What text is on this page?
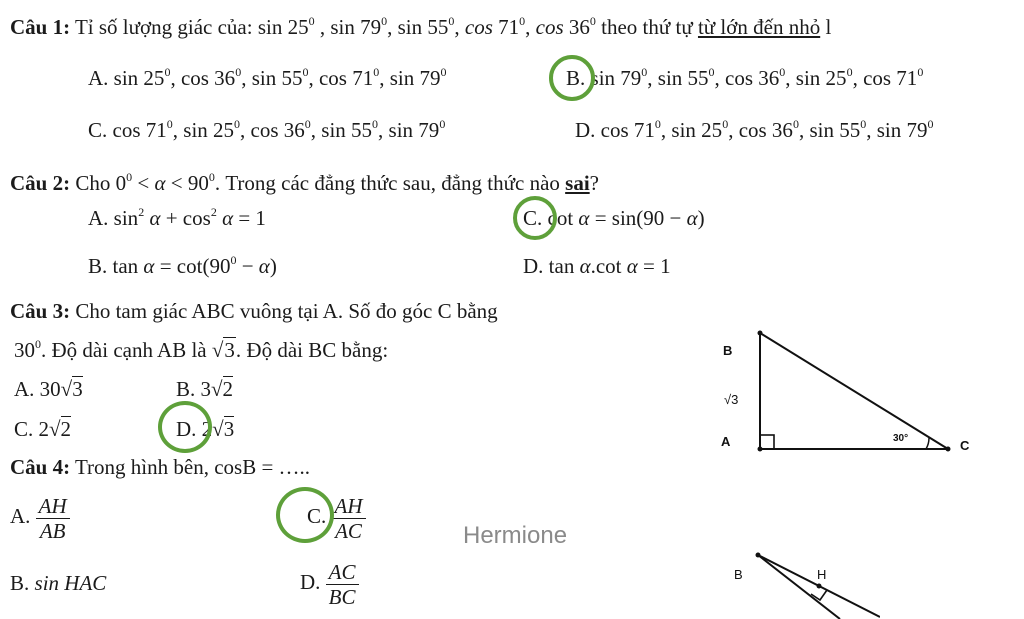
Câu 1: Tỉ số lượng giác của: $\sin 25^0$ , $\sin 79^0$, $\sin 55^0$, $\cos 71^0$, $\cos 36^0$ theo thứ tự từ lớn đến nhỏ l
A. $\sin 25^0$, $\cos 36^0$, $\sin 55^0$, $\cos 71^0$, $\sin 79^0$	B. $\sin 79^0$, $\sin 55^0$, $\cos 36^0$, $\sin 25^0$, $\cos 71^0$
C. $\cos 71^0$, $\sin 25^0$, $\cos 36^0$, $\sin 55^0$, $\sin 79^0$	D. $\cos 71^0$, $\sin 25^0$, $\cos 36^0$, $\sin 55^0$, $\sin 79^0$
Câu 2: Cho $0^0 < \alpha < 90^0$. Trong các đẳng thức sau, đẳng thức nào sai?
A. $\sin^2 \alpha + \cos^2 \alpha = 1$	C. cot α = sin(90 − α)
B. $\tan \alpha = \cot(90^0 - \alpha)$	D. tan α.cot α = 1
Câu 3: Cho tam giác ABC vuông tại A. Số đo góc C bằng
$30^0$. Độ dài cạnh AB là √3. Độ dài BC bằng:
A. 30√3	B. 3√2
C. 2√2	D. 2√3
B
√3
A	30°	C
Câu 4: Trong hình bên, cosB = …..
A. $\frac{AH}{AB}$	C. $\frac{AH}{AC}$	Hermione
B. sin HAC	D. $\frac{AC}{BC}$	B	H
